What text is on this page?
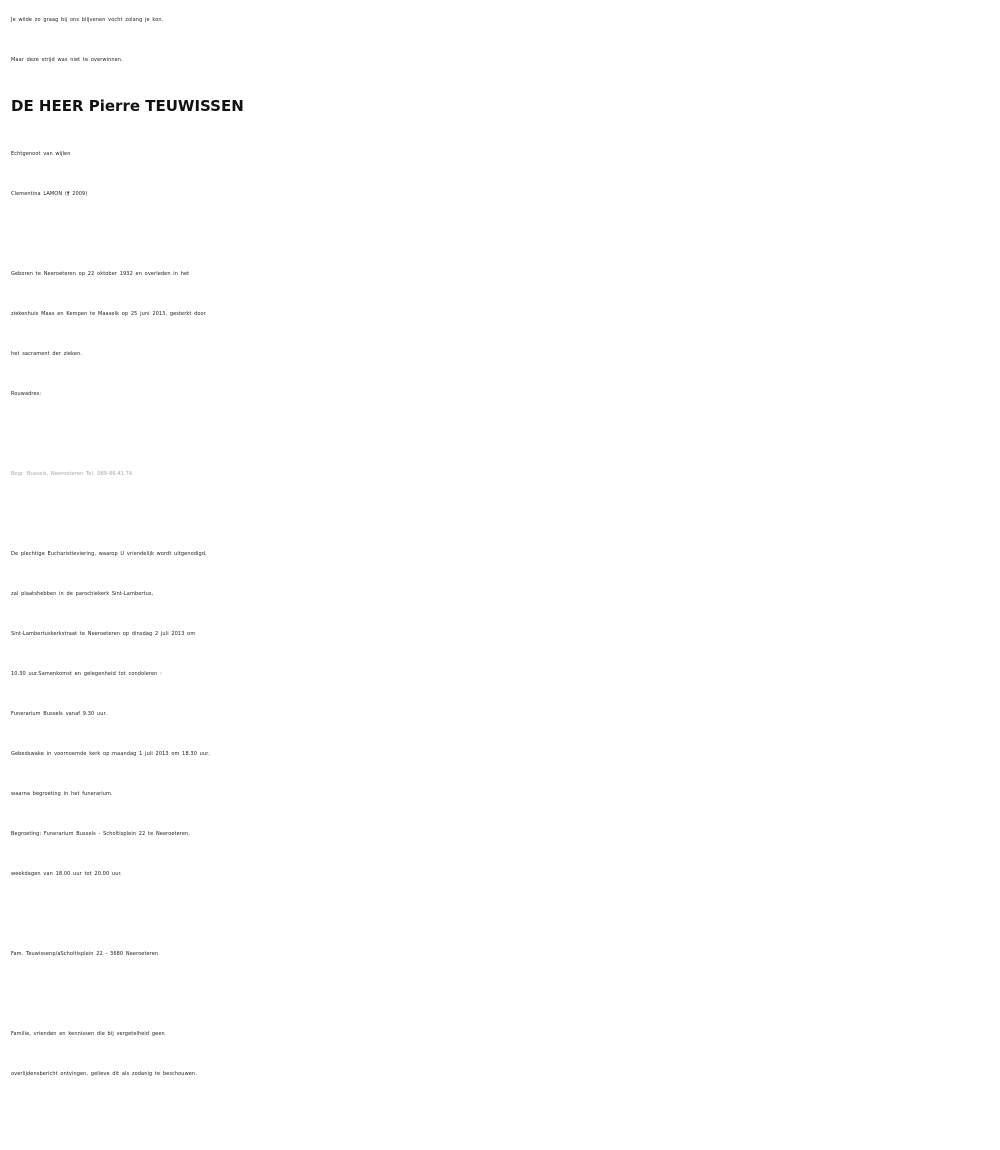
Je wilde zo graag bij ons blijvenen vocht zolang je kon.
Maar deze strijd was niet te overwinnen.
DE HEER Pierre TEUWISSEN
Echtgenoot van wijlen
Clementina LAMON († 2009)
Geboren te Neeroeteren op 22 oktober 1932 en overleden in het
ziekenhuis Maas en Kempen te Maaseik op 25 juni 2013, gesterkt door
het sacrament der zieken.
Rouwadres:
Begr. Bussels, Neeroeteren Tel. 089-86.41.74.
De plechtige Eucharistieviering, waarop U vriendelijk wordt uitgenodigd,
zal plaatshebben in de parochiekerk Sint-Lambertus,
Sint-Lambertuskerkstraat te Neeroeteren op dinsdag 2 juli 2013 om
10.30 uur.Samenkomst en gelegenheid tot condoleren :
Funerarium Bussels vanaf 9.30 uur.
Gebedswake in voornoemde kerk op maandag 1 juli 2013 om 18.30 uur,
waarna begroeting in het funerarium.
Begroeting: Funerarium Bussels - Scholtisplein 22 te Neeroeteren,
weekdagen van 18.00 uur tot 20.00 uur.
Fam. Teuwissenp/aScholtisplein 22 - 3680 Neeroeteren
Familie, vrienden en kennissen die bij vergetelheid geen
overlijdensbericht ontvingen, gelieve dit als zodanig te beschouwen.
